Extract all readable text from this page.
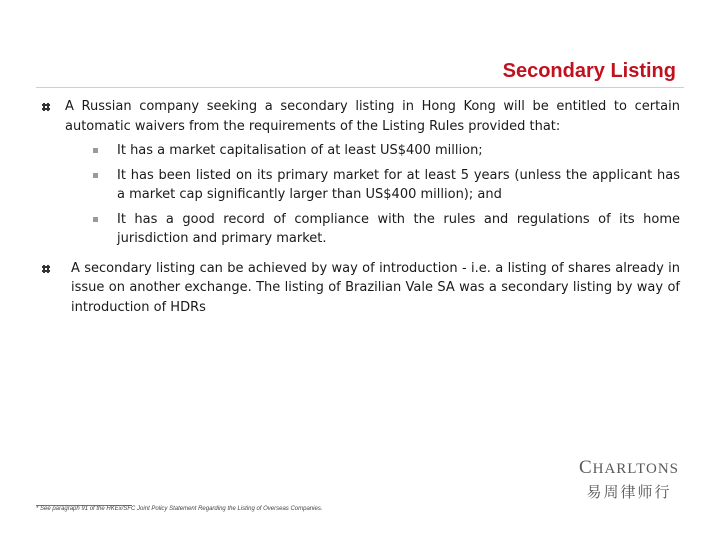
Secondary Listing
A Russian company seeking a secondary listing in Hong Kong will be entitled to certain automatic waivers from the requirements of the Listing Rules provided that:
It has a market capitalisation of at least US$400 million;
It has been listed on its primary market for at least 5 years (unless the applicant has a market cap significantly larger than US$400 million); and
It has a good record of compliance with the rules and regulations of its home jurisdiction and primary market.
A secondary listing can be achieved by way of introduction - i.e. a listing of shares already in issue on another exchange. The listing of Brazilian Vale SA was a secondary listing by way of introduction of HDRs
CHARLTONS
易周律师行
* See paragraph 91 of the HKEx/SFC Joint Policy Statement Regarding the Listing of Overseas Companies.
